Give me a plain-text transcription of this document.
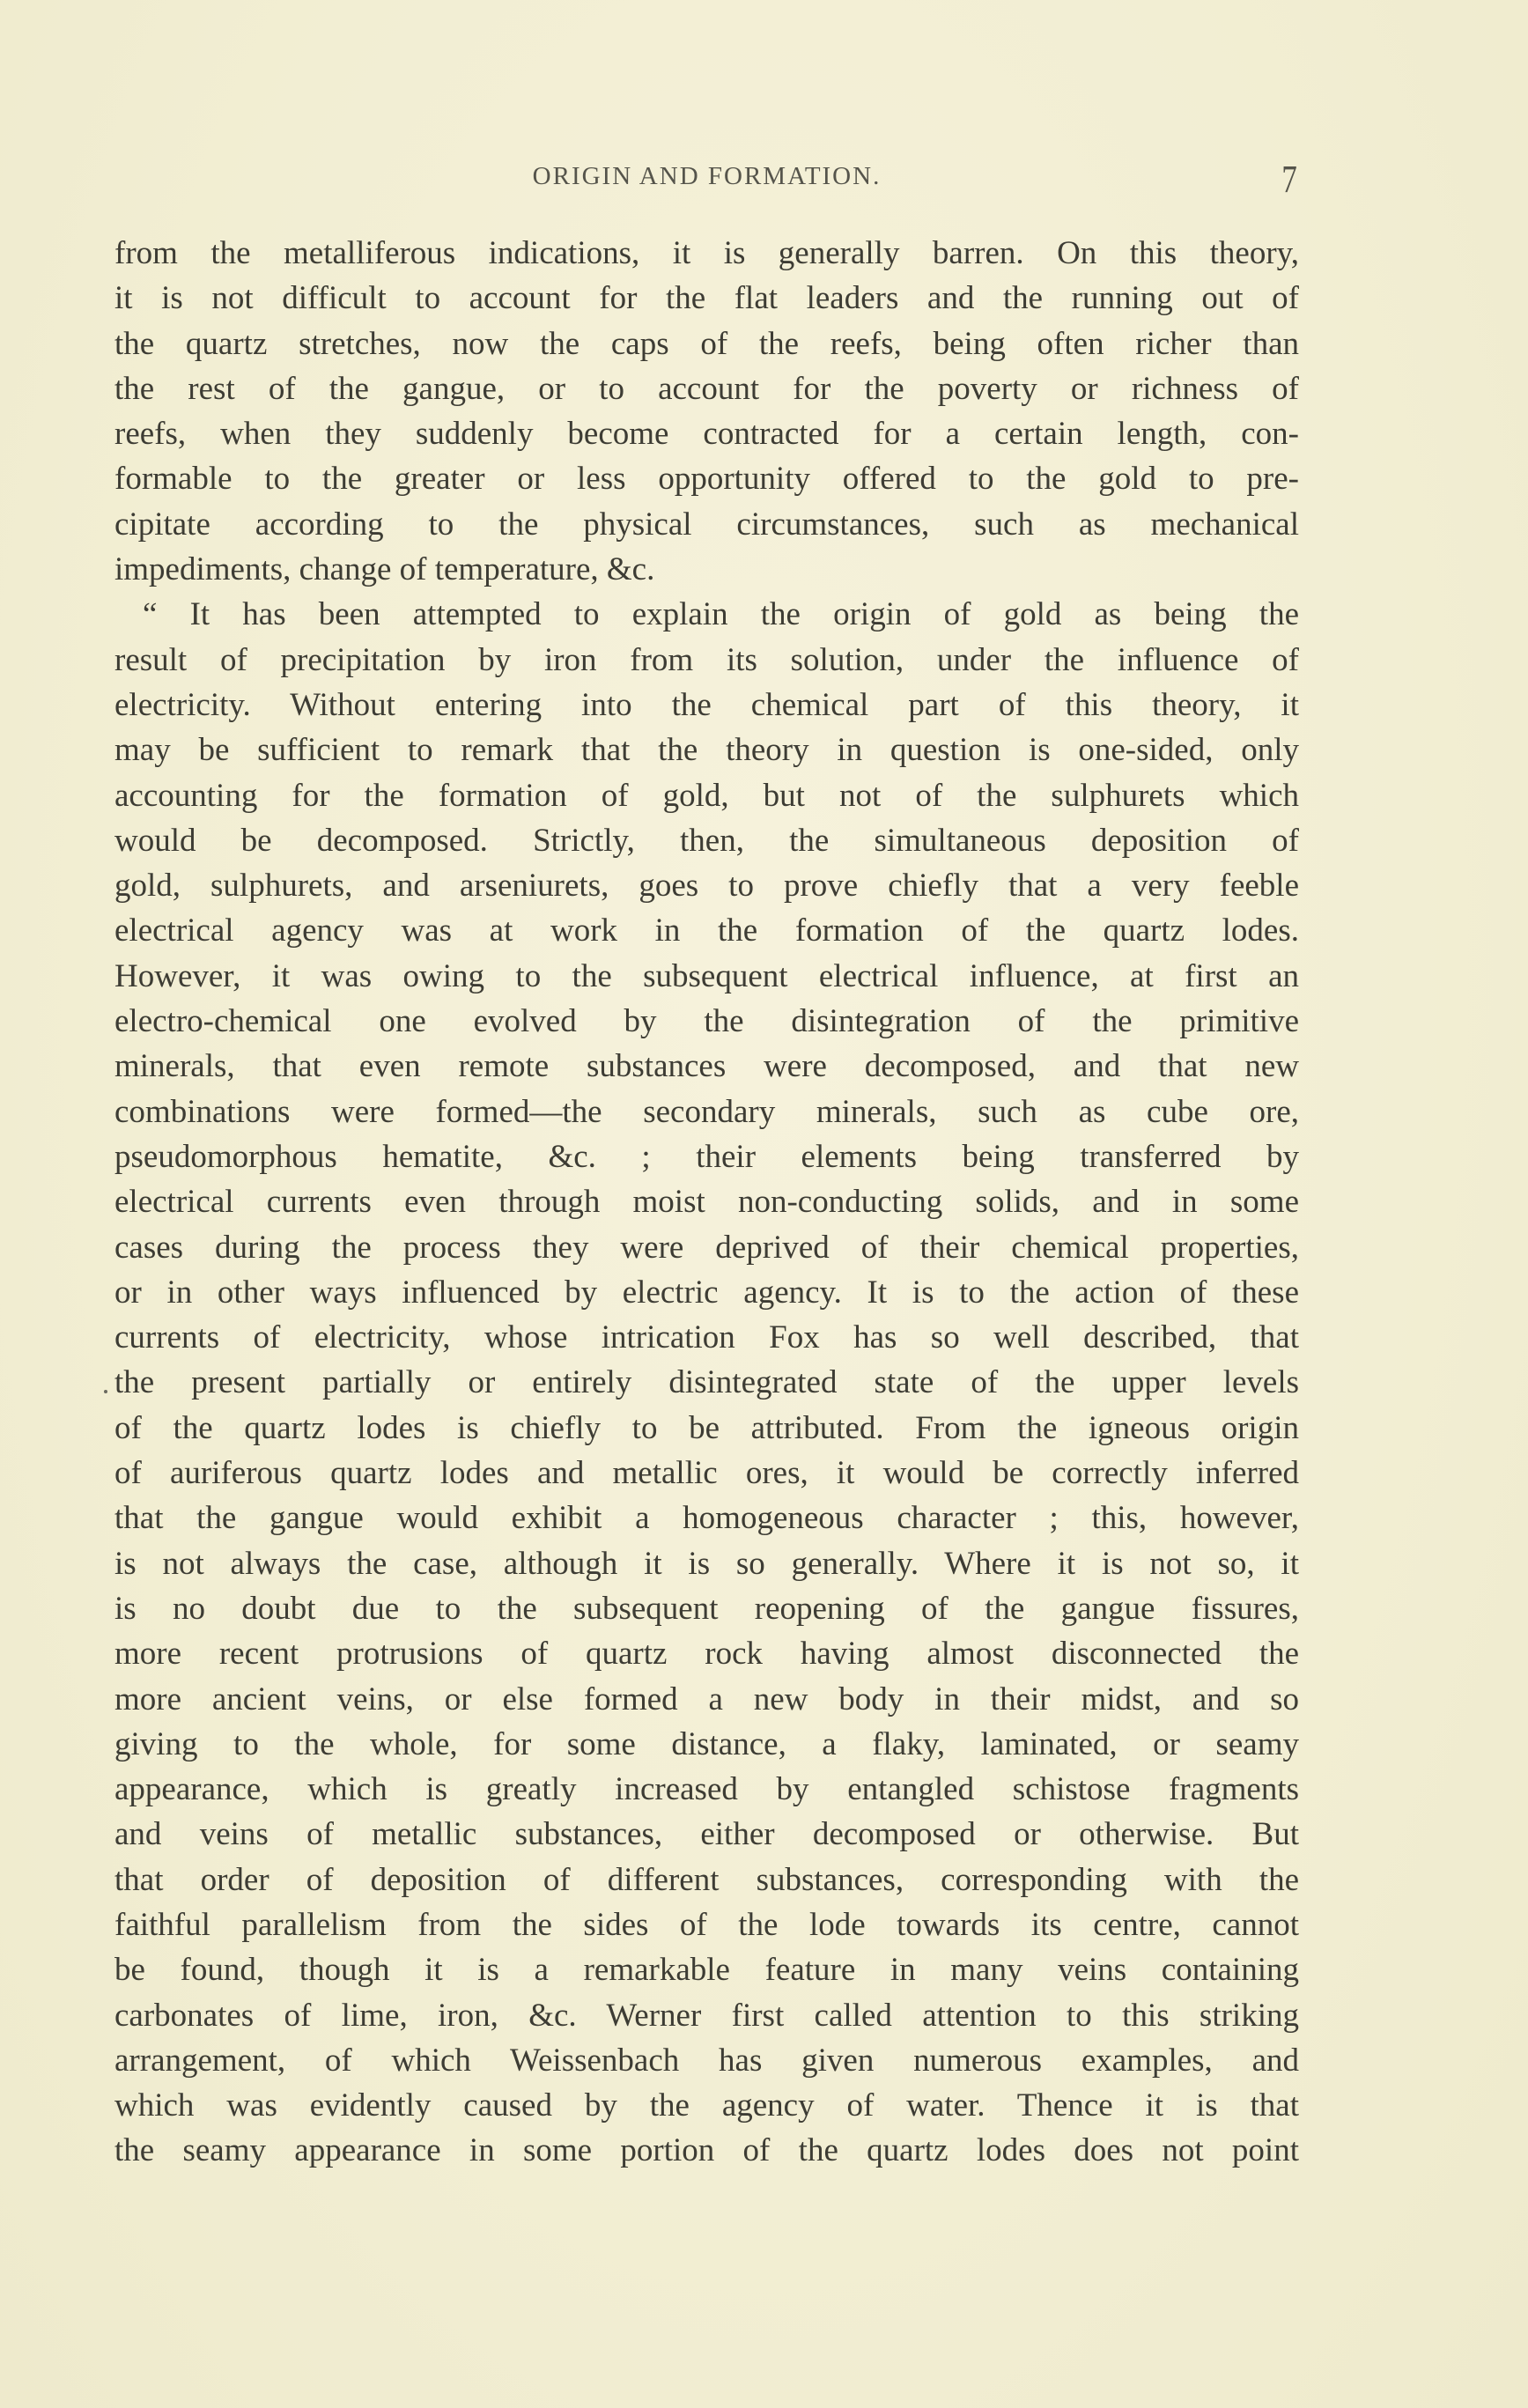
ORIGIN AND FORMATION.	7
from the metalliferous indications, it is generally barren. On this theory,
it is not difficult to account for the flat leaders and the running out of
the quartz stretches, now the caps of the reefs, being often richer than
the rest of the gangue, or to account for the poverty or richness of
reefs, when they suddenly become contracted for a certain length, con-
formable to the greater or less opportunity offered to the gold to pre-
cipitate according to the physical circumstances, such as mechanical
impediments, change of temperature, &c.
“ It has been attempted to explain the origin of gold as being the
result of precipitation by iron from its solution, under the influence of
electricity. Without entering into the chemical part of this theory, it
may be sufficient to remark that the theory in question is one-sided, only
accounting for the formation of gold, but not of the sulphurets which
would be decomposed. Strictly, then, the simultaneous deposition of
gold, sulphurets, and arseniurets, goes to prove chiefly that a very feeble
electrical agency was at work in the formation of the quartz lodes.
However, it was owing to the subsequent electrical influence, at first an
electro-chemical one evolved by the disintegration of the primitive
minerals, that even remote substances were decomposed, and that new
combinations were formed—the secondary minerals, such as cube ore,
pseudomorphous hematite, &c. ; their elements being transferred by
electrical currents even through moist non-conducting solids, and in some
cases during the process they were deprived of their chemical properties,
or in other ways influenced by electric agency. It is to the action of these
currents of electricity, whose intrication Fox has so well described, that
the present partially or entirely disintegrated state of the upper levels
of the quartz lodes is chiefly to be attributed. From the igneous origin
of auriferous quartz lodes and metallic ores, it would be correctly inferred
that the gangue would exhibit a homogeneous character ; this, however,
is not always the case, although it is so generally. Where it is not so, it
is no doubt due to the subsequent reopening of the gangue fissures,
more recent protrusions of quartz rock having almost disconnected the
more ancient veins, or else formed a new body in their midst, and so
giving to the whole, for some distance, a flaky, laminated, or seamy
appearance, which is greatly increased by entangled schistose fragments
and veins of metallic substances, either decomposed or otherwise. But
that order of deposition of different substances, corresponding with the
faithful parallelism from the sides of the lode towards its centre, cannot
be found, though it is a remarkable feature in many veins containing
carbonates of lime, iron, &c. Werner first called attention to this striking
arrangement, of which Weissenbach has given numerous examples, and
which was evidently caused by the agency of water. Thence it is that
the seamy appearance in some portion of the quartz lodes does not point
